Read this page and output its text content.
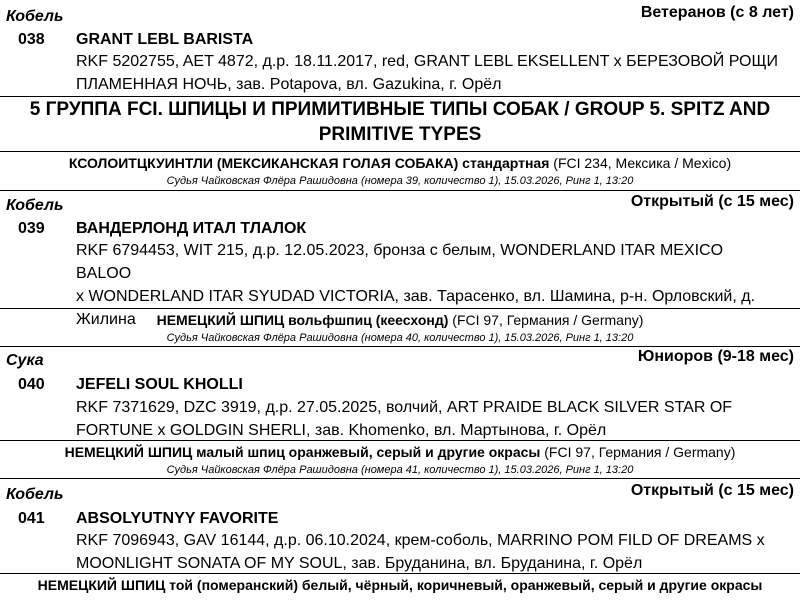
Кобель	Ветеранов (с 8 лет)
038 GRANT LEBL BARISTA
RKF 5202755, AET 4872, д.р. 18.11.2017, red, GRANT LEBL EKSELLENT x БЕРЕЗОВОЙ РОЩИ
ПЛАМЕННАЯ НОЧЬ, зав. Potapova, вл. Gazukina, г. Орёл
5 ГРУППА FCI. ШПИЦЫ И ПРИМИТИВНЫЕ ТИПЫ СОБАК / GROUP 5. SPITZ AND
PRIMITIVE TYPES
КСОЛОИТЦКУИНТЛИ (МЕКСИКАНСКАЯ ГОЛАЯ СОБАКА) стандартная (FCI 234, Мексика / Mexico)
Судья Чайковская Флёра Рашидовна (номера 39, количество 1), 15.03.2026, Ринг 1, 13:20
Кобель	Открытый (с 15 мес)
039 ВАНДЕРЛОНД ИТАЛ ТЛАЛОК
RKF 6794453, WIT 215, д.р. 12.05.2023, бронза с белым, WONDERLAND ITAR MEXICO BALOO
x WONDERLAND ITAR SYUDAD VICTORIA, зав. Тарасенко, вл. Шамина, р-н. Орловский, д.
Жилина	НЕМЕЦКИЙ ШПИЦ вольфшпиц (кеесхонд) (FCI 97, Германия / Germany)
Судья Чайковская Флёра Рашидовна (номера 40, количество 1), 15.03.2026, Ринг 1, 13:20
Сука	Юниоров (9-18 мес)
040 JEFELI SOUL KHOLLI
RKF 7371629, DZC 3919, д.р. 27.05.2025, волчий, ART PRAIDE BLACK SILVER STAR OF
FORTUNE x GOLDGIN SHERLI, зав. Khomenko, вл. Мартынова, г. Орёл
НЕМЕЦКИЙ ШПИЦ малый шпиц оранжевый, серый и другие окрасы (FCI 97, Германия / Germany)
Судья Чайковская Флёра Рашидовна (номера 41, количество 1), 15.03.2026, Ринг 1, 13:20
Кобель	Открытый (с 15 мес)
041 ABSOLYUTNYY FAVORITE
RKF 7096943, GAV 16144, д.р. 06.10.2024, крем-соболь, MARRINO POM FILD OF DREAMS x
MOONLIGHT SONATA OF MY SOUL, зав. Бруданина, вл. Бруданина, г. Орёл
НЕМЕЦКИЙ ШПИЦ той (померанский) белый, чёрный, коричневый, оранжевый, серый и другие окрасы
